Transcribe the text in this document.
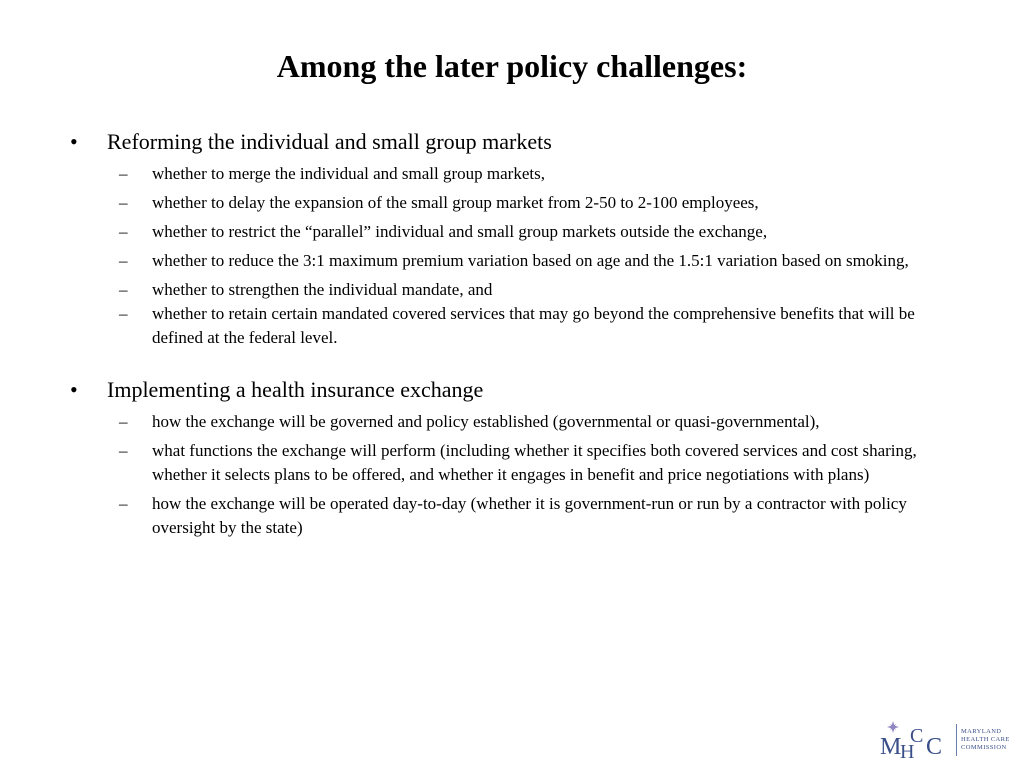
Among the later policy challenges:
• Reforming the individual and small group markets
– whether to merge the individual and small group markets,
– whether to delay the expansion of the small group market from 2-50 to 2-100 employees,
– whether to restrict the “parallel” individual and small group markets outside the exchange,
– whether to reduce the 3:1 maximum premium variation based on age and the 1.5:1 variation based on smoking,
– whether to strengthen the individual mandate, and
– whether to retain certain mandated covered services that may go beyond the comprehensive benefits that will be defined at the federal level.
• Implementing a health insurance exchange
– how the exchange will be governed and policy established (governmental or quasi-governmental),
– what functions the exchange will perform (including whether it specifies both covered services and cost sharing, whether it selects plans to be offered, and whether it engages in benefit and price negotiations with plans)
– how the exchange will be operated day-to-day (whether it is government-run or run by a contractor with policy oversight by the state)
M
H
C C
MARYLAND
HEALTH CARE
COMMISSION
